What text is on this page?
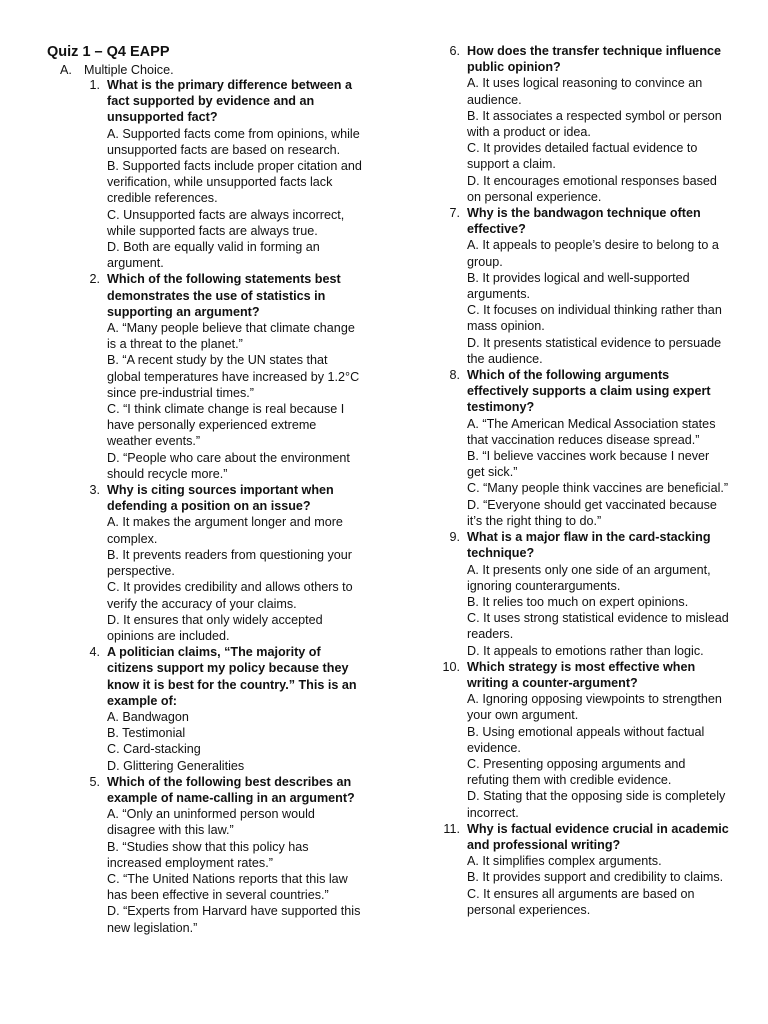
Quiz 1 – Q4 EAPP
A. Multiple Choice.
1. What is the primary difference between a fact supported by evidence and an unsupported fact?
A. Supported facts come from opinions, while unsupported facts are based on research.
B. Supported facts include proper citation and verification, while unsupported facts lack credible references.
C. Unsupported facts are always incorrect, while supported facts are always true.
D. Both are equally valid in forming an argument.
2. Which of the following statements best demonstrates the use of statistics in supporting an argument?
A. “Many people believe that climate change is a threat to the planet.”
B. “A recent study by the UN states that global temperatures have increased by 1.2°C since pre-industrial times.”
C. “I think climate change is real because I have personally experienced extreme weather events.”
D. “People who care about the environment should recycle more.”
3. Why is citing sources important when defending a position on an issue?
A. It makes the argument longer and more complex.
B. It prevents readers from questioning your perspective.
C. It provides credibility and allows others to verify the accuracy of your claims.
D. It ensures that only widely accepted opinions are included.
4. A politician claims, “The majority of citizens support my policy because they know it is best for the country.” This is an example of:
A. Bandwagon
B. Testimonial
C. Card-stacking
D. Glittering Generalities
5. Which of the following best describes an example of name-calling in an argument?
A. “Only an uninformed person would disagree with this law.”
B. “Studies show that this policy has increased employment rates.”
C. “The United Nations reports that this law has been effective in several countries.”
D. “Experts from Harvard have supported this new legislation.”
6. How does the transfer technique influence public opinion?
A. It uses logical reasoning to convince an audience.
B. It associates a respected symbol or person with a product or idea.
C. It provides detailed factual evidence to support a claim.
D. It encourages emotional responses based on personal experience.
7. Why is the bandwagon technique often effective?
A. It appeals to people’s desire to belong to a group.
B. It provides logical and well-supported arguments.
C. It focuses on individual thinking rather than mass opinion.
D. It presents statistical evidence to persuade the audience.
8. Which of the following arguments effectively supports a claim using expert testimony?
A. “The American Medical Association states that vaccination reduces disease spread.”
B. “I believe vaccines work because I never get sick.”
C. “Many people think vaccines are beneficial.”
D. “Everyone should get vaccinated because it’s the right thing to do.”
9. What is a major flaw in the card-stacking technique?
A. It presents only one side of an argument, ignoring counterarguments.
B. It relies too much on expert opinions.
C. It uses strong statistical evidence to mislead readers.
D. It appeals to emotions rather than logic.
10. Which strategy is most effective when writing a counter-argument?
A. Ignoring opposing viewpoints to strengthen your own argument.
B. Using emotional appeals without factual evidence.
C. Presenting opposing arguments and refuting them with credible evidence.
D. Stating that the opposing side is completely incorrect.
11. Why is factual evidence crucial in academic and professional writing?
A. It simplifies complex arguments.
B. It provides support and credibility to claims.
C. It ensures all arguments are based on personal experiences.
